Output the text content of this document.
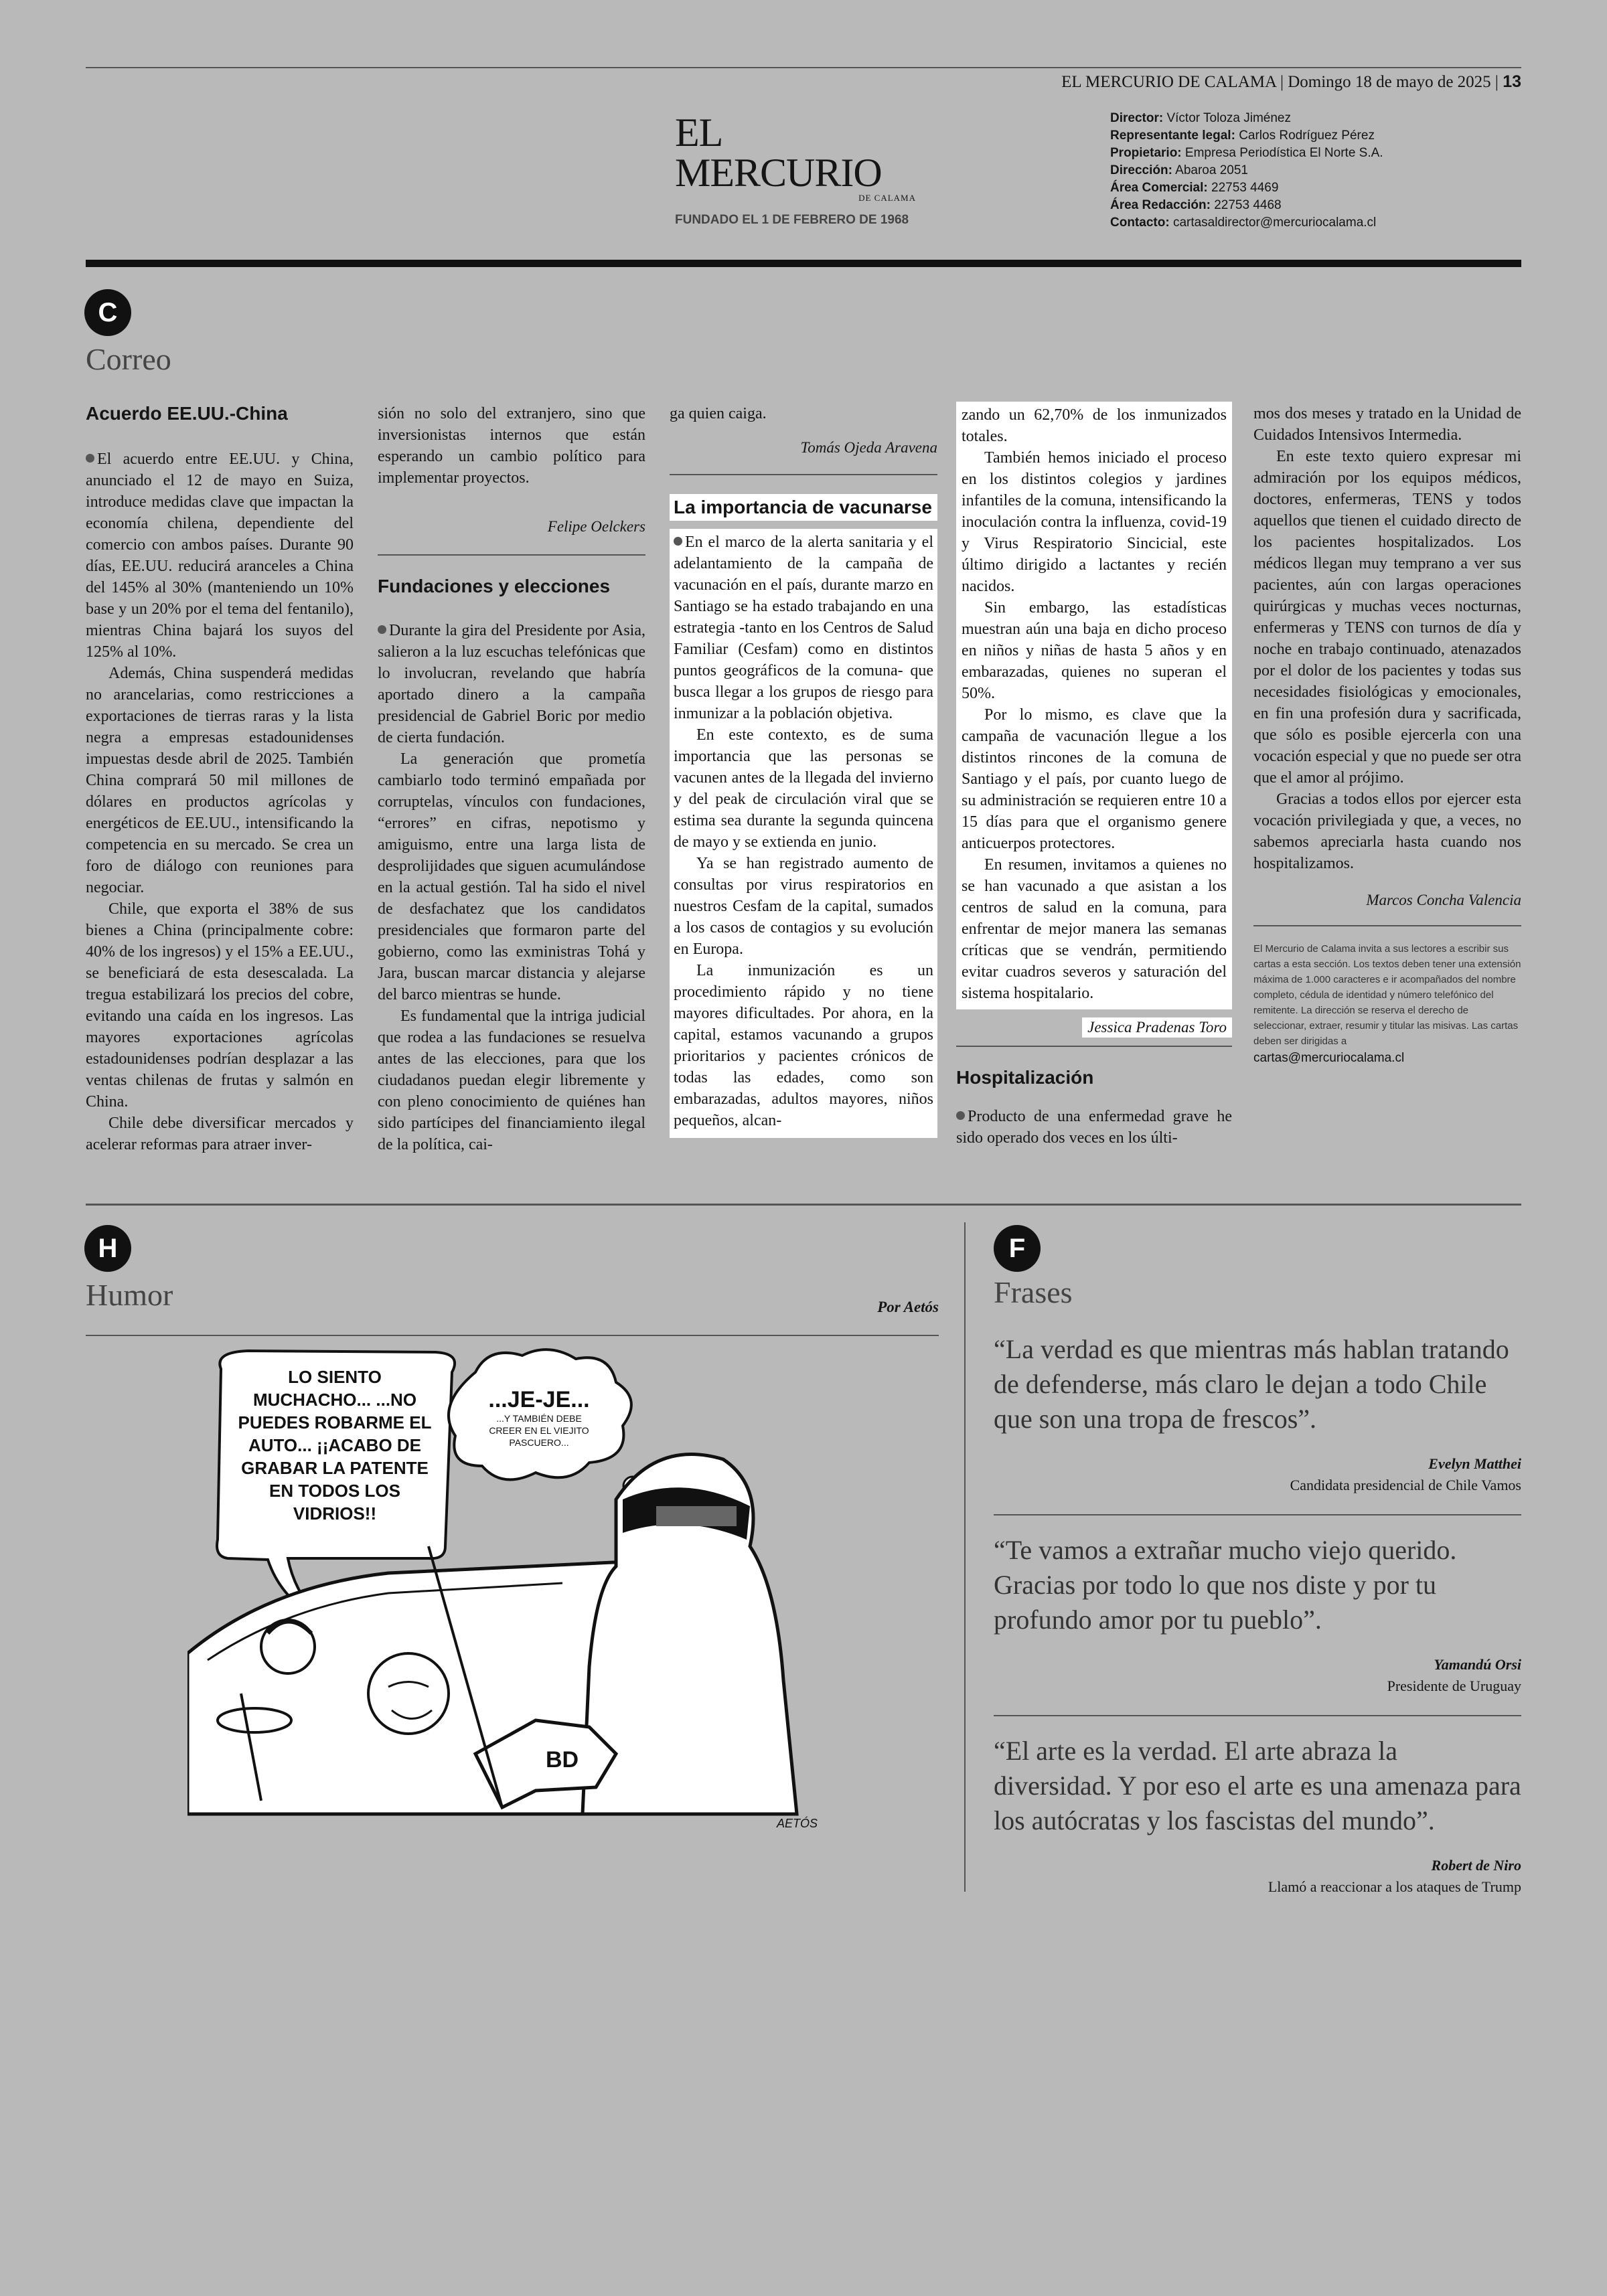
EL MERCURIO DE CALAMA | Domingo 18 de mayo de 2025 | 13
EL MERCURIO
DE CALAMA
FUNDADO EL 1 DE FEBRERO DE 1968
Director: Víctor Toloza Jiménez
Representante legal: Carlos Rodríguez Pérez
Propietario: Empresa Periodística El Norte S.A.
Dirección: Abaroa 2051
Área Comercial: 22753 4469
Área Redacción: 22753 4468
Contacto: cartasaldirector@mercuriocalama.cl
C
Correo
Acuerdo EE.UU.-China

El acuerdo entre EE.UU. y China, anunciado el 12 de mayo en Suiza, introduce medidas clave que impactan la economía chilena, dependiente del comercio con ambos países. Durante 90 días, EE.UU. reducirá aranceles a China del 145% al 30% (manteniendo un 10% base y un 20% por el tema del fentanilo), mientras China bajará los suyos del 125% al 10%.

Además, China suspenderá medidas no arancelarias, como restricciones a exportaciones de tierras raras y la lista negra a empresas estadounidenses impuestas desde abril de 2025. También China comprará 50 mil millones de dólares en productos agrícolas y energéticos de EE.UU., intensificando la competencia en su mercado. Se crea un foro de diálogo con reuniones para negociar.

Chile, que exporta el 38% de sus bienes a China (principalmente cobre: 40% de los ingresos) y el 15% a EE.UU., se beneficiará de esta desescalada. La tregua estabilizará los precios del cobre, evitando una caída en los ingresos. Las mayores exportaciones agrícolas estadounidenses podrían desplazar a las ventas chilenas de frutas y salmón en China.

Chile debe diversificar mercados y acelerar reformas para atraer inver-

sión no solo del extranjero, sino que inversionistas internos que están esperando un cambio político para implementar proyectos.

Felipe Oelckers
Fundaciones y elecciones

Durante la gira del Presidente por Asia, salieron a la luz escuchas telefónicas que lo involucran, revelando que habría aportado dinero a la campaña presidencial de Gabriel Boric por medio de cierta fundación.

La generación que prometía cambiarlo todo terminó empañada por corruptelas, vínculos con fundaciones, “errores” en cifras, nepotismo y amiguismo, entre una larga lista de desprolijidades que siguen acumulándose en la actual gestión. Tal ha sido el nivel de desfachatez que los candidatos presidenciales que formaron parte del gobierno, como las exministras Tohá y Jara, buscan marcar distancia y alejarse del barco mientras se hunde.

Es fundamental que la intriga judicial que rodea a las fundaciones se resuelva antes de las elecciones, para que los ciudadanos puedan elegir libremente y con pleno conocimiento de quiénes han sido partícipes del financiamiento ilegal de la política, cai-

ga quien caiga.

Tomás Ojeda Aravena
La importancia de vacunarse

En el marco de la alerta sanitaria y el adelantamiento de la campaña de vacunación en el país, durante marzo en Santiago se ha estado trabajando en una estrategia -tanto en los Centros de Salud Familiar (Cesfam) como en distintos puntos geográficos de la comuna- que busca llegar a los grupos de riesgo para inmunizar a la población objetiva.

En este contexto, es de suma importancia que las personas se vacunen antes de la llegada del invierno y del peak de circulación viral que se estima sea durante la segunda quincena de mayo y se extienda en junio.

Ya se han registrado aumento de consultas por virus respiratorios en nuestros Cesfam de la capital, sumados a los casos de contagios y su evolución en Europa.

La inmunización es un procedimiento rápido y no tiene mayores dificultades. Por ahora, en la capital, estamos vacunando a grupos prioritarios y pacientes crónicos de todas las edades, como son embarazadas, adultos mayores, niños pequeños, alcan-

zando un 62,70% de los inmunizados totales.

También hemos iniciado el proceso en los distintos colegios y jardines infantiles de la comuna, intensificando la inoculación contra la influenza, covid-19 y Virus Respiratorio Sincicial, este último dirigido a lactantes y recién nacidos.

Sin embargo, las estadísticas muestran aún una baja en dicho proceso en niños y niñas de hasta 5 años y en embarazadas, quienes no superan el 50%.

Por lo mismo, es clave que la campaña de vacunación llegue a los distintos rincones de la comuna de Santiago y el país, por cuanto luego de su administración se requieren entre 10 a 15 días para que el organismo genere anticuerpos protectores.

En resumen, invitamos a quienes no se han vacunado a que asistan a los centros de salud en la comuna, para enfrentar de mejor manera las semanas críticas que se vendrán, permitiendo evitar cuadros severos y saturación del sistema hospitalario.

Jessica Pradenas Toro
Hospitalización

Producto de una enfermedad grave he sido operado dos veces en los últi-

mos dos meses y tratado en la Unidad de Cuidados Intensivos Intermedia.

En este texto quiero expresar mi admiración por los equipos médicos, doctores, enfermeras, TENS y todos aquellos que tienen el cuidado directo de los pacientes hospitalizados. Los médicos llegan muy temprano a ver sus pacientes, aún con largas operaciones quirúrgicas y muchas veces nocturnas, enfermeras y TENS con turnos de día y noche en trabajo continuado, atenazados por el dolor de los pacientes y todas sus necesidades fisiológicas y emocionales, en fin una profesión dura y sacrificada, que sólo es posible ejercerla con una vocación especial y que no puede ser otra que el amor al prójimo.

Gracias a todos ellos por ejercer esta vocación privilegiada y que, a veces, no sabemos apreciarla hasta cuando nos hospitalizamos.

Marcos Concha Valencia
El Mercurio de Calama invita a sus lectores a escribir sus cartas a esta sección. Los textos deben tener una extensión máxima de 1.000 caracteres e ir acompañados del nombre completo, cédula de identidad y número telefónico del remitente. La dirección se reserva el derecho de seleccionar, extraer, resumir y titular las misivas. Las cartas deben ser dirigidas a
cartas@mercuriocalama.cl
H
Humor	Por Aetós
LO SIENTO MUCHACHO... ...NO PUEDES ROBARME EL AUTO... ¡¡ACABO DE GRABAR LA PATENTE EN TODOS LOS VIDRIOS!!
...JE-JE...
...Y TAMBIÉN DEBE CREER EN EL VIEJITO PASCUERO...
BD
AETÓS
F
Frases
“La verdad es que mientras más hablan tratando de defenderse, más claro le dejan a todo Chile que son una tropa de frescos”.
Evelyn Matthei
Candidata presidencial de Chile Vamos
“Te vamos a extrañar mucho viejo querido. Gracias por todo lo que nos diste y por tu profundo amor por tu pueblo”.
Yamandú Orsi
Presidente de Uruguay
“El arte es la verdad. El arte abraza la diversidad. Y por eso el arte es una amenaza para los autócratas y los fascistas del mundo”.
Robert de Niro
Llamó a reaccionar a los ataques de Trump
